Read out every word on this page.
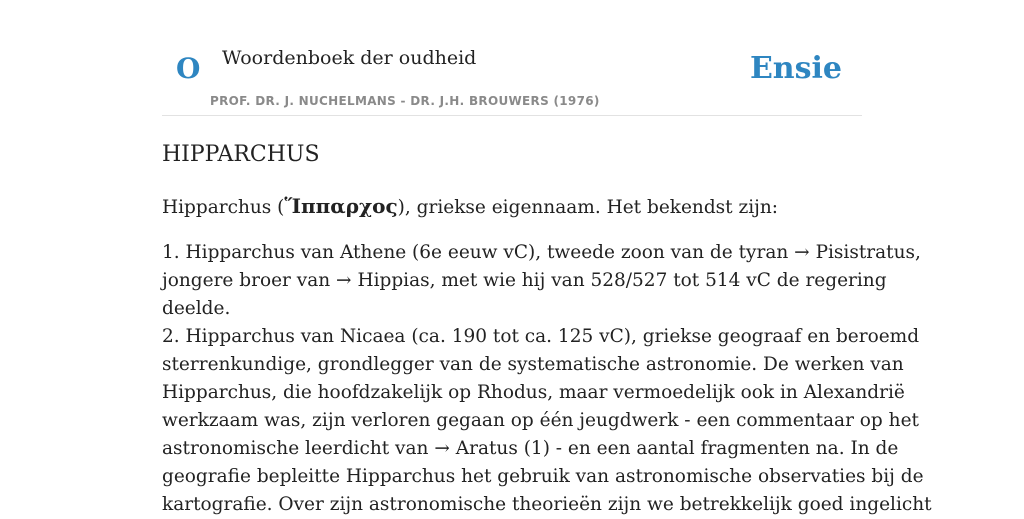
O Woordenboek der oudheid
PROF. DR. J. NUCHELMANS - DR. J.H. BROUWERS (1976)
Ensie
HIPPARCHUS

Hipparchus (Ἵππαρχος), griekse eigennaam. Het bekendst zijn:

1. Hipparchus van Athene (6e eeuw vC), tweede zoon van de tyran → Pisistratus,
jongere broer van → Hippias, met wie hij van 528/527 tot 514 vC de regering
deelde.
2. Hipparchus van Nicaea (ca. 190 tot ca. 125 vC), griekse geograaf en beroemd
sterrenkundige, grondlegger van de systematische astronomie. De werken van
Hipparchus, die hoofdzakelijk op Rhodus, maar vermoedelijk ook in Alexandrië
werkzaam was, zijn verloren gegaan op één jeugdwerk - een commentaar op het
astronomische leerdicht van → Aratus (1) - en een aantal fragmenten na. In de
geografie bepleitte Hipparchus het gebruik van astronomische observaties bij de
kartografie. Over zijn astronomische theorieën zijn we betrekkelijk goed ingelicht
